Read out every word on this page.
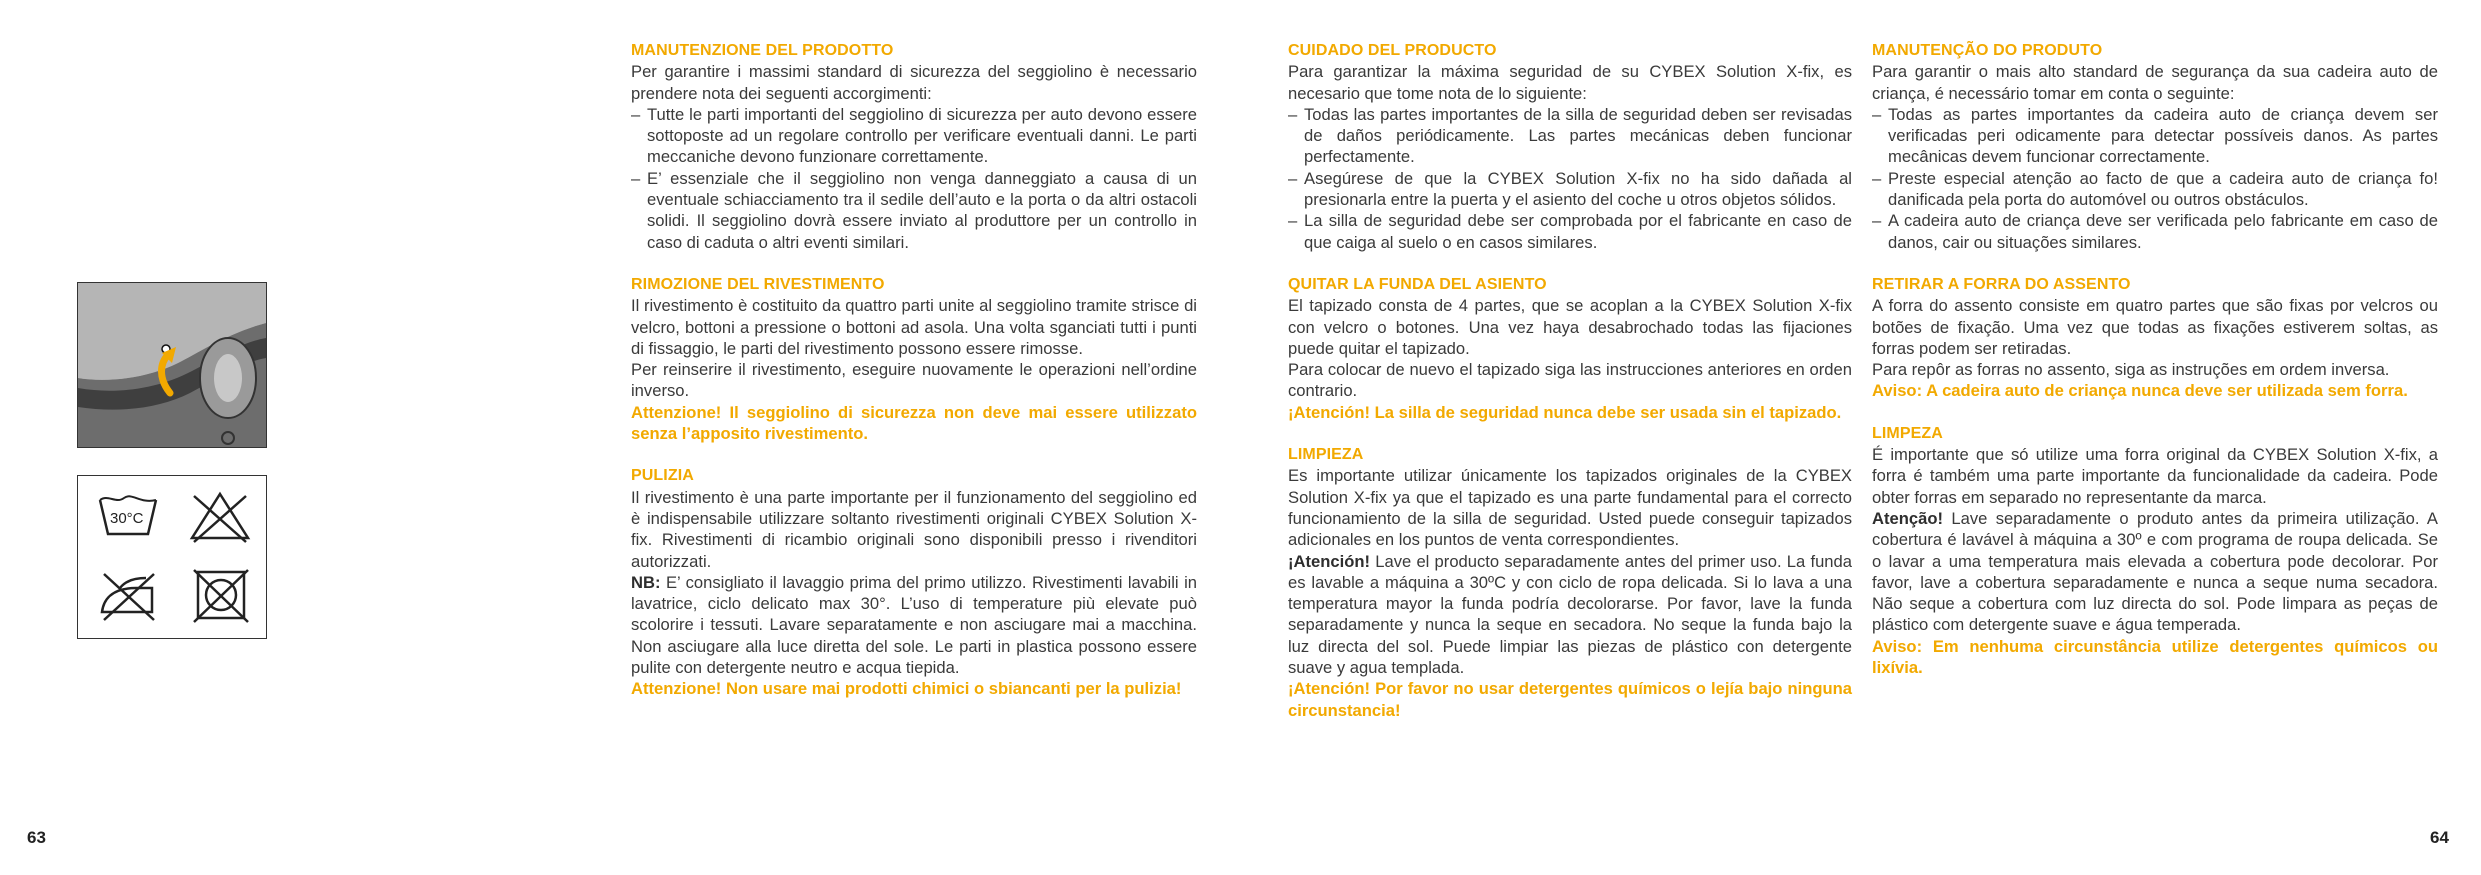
30°C

MANUTENZIONE DEL PRODOTTO

Per garantire i massimi standard di sicurezza del seggiolino è necessario prendere nota dei seguenti accorgimenti:

– Tutte le parti importanti del seggiolino di sicurezza per auto devono essere sottoposte ad un regolare controllo per verificare eventuali danni. Le parti meccaniche devono funzionare correttamente.
– E’ essenziale che il seggiolino non venga danneggiato a causa di un eventuale schiacciamento tra il sedile dell’auto e la porta o da altri ostacoli solidi. Il seggiolino dovrà essere inviato al produttore per un controllo in caso di caduta o altri eventi similari.

RIMOZIONE DEL RIVESTIMENTO

Il rivestimento è costituito da quattro parti unite al seggiolino tramite strisce di velcro, bottoni a pressione o bottoni ad asola. Una volta sganciati tutti i punti di fissaggio, le parti del rivestimento possono essere rimosse.

Per reinserire il rivestimento, eseguire nuovamente le operazioni nell’ordine inverso.

Attenzione! Il seggiolino di sicurezza non deve mai essere utilizzato senza l’apposito rivestimento.

PULIZIA

Il rivestimento è una parte importante per il funzionamento del seggiolino ed è indispensabile utilizzare soltanto rivestimenti originali CYBEX Solution X-fix. Rivestimenti di ricambio originali sono disponibili presso i rivenditori autorizzati.

NB: E’ consigliato il lavaggio prima del primo utilizzo. Rivestimenti lavabili in lavatrice, ciclo delicato max 30°. L’uso di temperature più elevate può scolorire i tessuti. Lavare separatamente e non asciugare mai a macchina. Non asciugare alla luce diretta del sole. Le parti in plastica possono essere pulite con detergente neutro e acqua tiepida.

Attenzione! Non usare mai prodotti chimici o sbiancanti per la pulizia!

CUIDADO DEL PRODUCTO

Para garantizar la máxima seguridad de su CYBEX Solution X-fix, es necesario que tome nota de lo siguiente:

– Todas las partes importantes de la silla de seguridad deben ser revisadas de daños periódicamente. Las partes mecánicas deben funcionar perfectamente.
– Asegúrese de que la CYBEX Solution X-fix no ha sido dañada al presionarla entre la puerta y el asiento del coche u otros objetos sólidos.
– La silla de seguridad debe ser comprobada por el fabricante en caso de que caiga al suelo o en casos similares.

QUITAR LA FUNDA DEL ASIENTO

El tapizado consta de 4 partes, que se acoplan a la CYBEX Solution X-fix con velcro o botones. Una vez haya desabrochado todas las fijaciones puede quitar el tapizado.

Para colocar de nuevo el tapizado siga las instrucciones anteriores en orden contrario.

¡Atención! La silla de seguridad nunca debe ser usada sin el tapizado.

LIMPIEZA

Es importante utilizar únicamente los tapizados originales de la CYBEX Solution X-fix ya que el tapizado es una parte fundamental para el correcto funcionamiento de la silla de seguridad. Usted puede conseguir tapizados adicionales en los puntos de venta correspondientes.

¡Atención! Lave el producto separadamente antes del primer uso. La funda es lavable a máquina a 30ºC y con ciclo de ropa delicada. Si lo lava a una temperatura mayor la funda podría decolorarse. Por favor, lave la funda separadamente y nunca la seque en secadora. No seque la funda bajo la luz directa del sol. Puede limpiar las piezas de plástico con detergente suave y agua templada.

¡Atención! Por favor no usar detergentes químicos o lejía bajo ninguna circunstancia!

MANUTENÇÃO DO PRODUTO

Para garantir o mais alto standard de segurança da sua cadeira auto de criança, é necessário tomar em conta o seguinte:

– Todas as partes importantes da cadeira auto de criança devem ser verificadas peri odicamente para detectar possíveis danos. As partes mecânicas devem funcionar correctamente.
– Preste especial atenção ao facto de que a cadeira auto de criança fo! danificada pela porta do automóvel ou outros obstáculos.
– A cadeira auto de criança deve ser verificada pelo fabricante em caso de danos, cair ou situações similares.

RETIRAR A FORRA DO ASSENTO

A forra do assento consiste em quatro partes que são fixas por velcros ou botões de fixação. Uma vez que todas as fixações estiverem soltas, as forras podem ser retiradas.

Para repôr as forras no assento, siga as instruções em ordem inversa.

Aviso: A cadeira auto de criança nunca deve ser utilizada sem forra.

LIMPEZA

É importante que só utilize uma forra original da CYBEX Solution X-fix, a forra é também uma parte importante da funcionalidade da cadeira. Pode obter forras em separado no representante da marca.

Atenção! Lave separadamente o produto antes da primeira utilização. A cobertura é lavável à máquina a 30º e com programa de roupa delicada. Se o lavar a uma temperatura mais elevada a cobertura pode decolorar. Por favor, lave a cobertura separadamente e nunca a seque numa secadora. Não seque a cobertura com luz directa do sol. Pode limpara as peças de plástico com detergente suave e água temperada.

Aviso: Em nenhuma circunstância utilize detergentes químicos ou lixívia.

63	64
